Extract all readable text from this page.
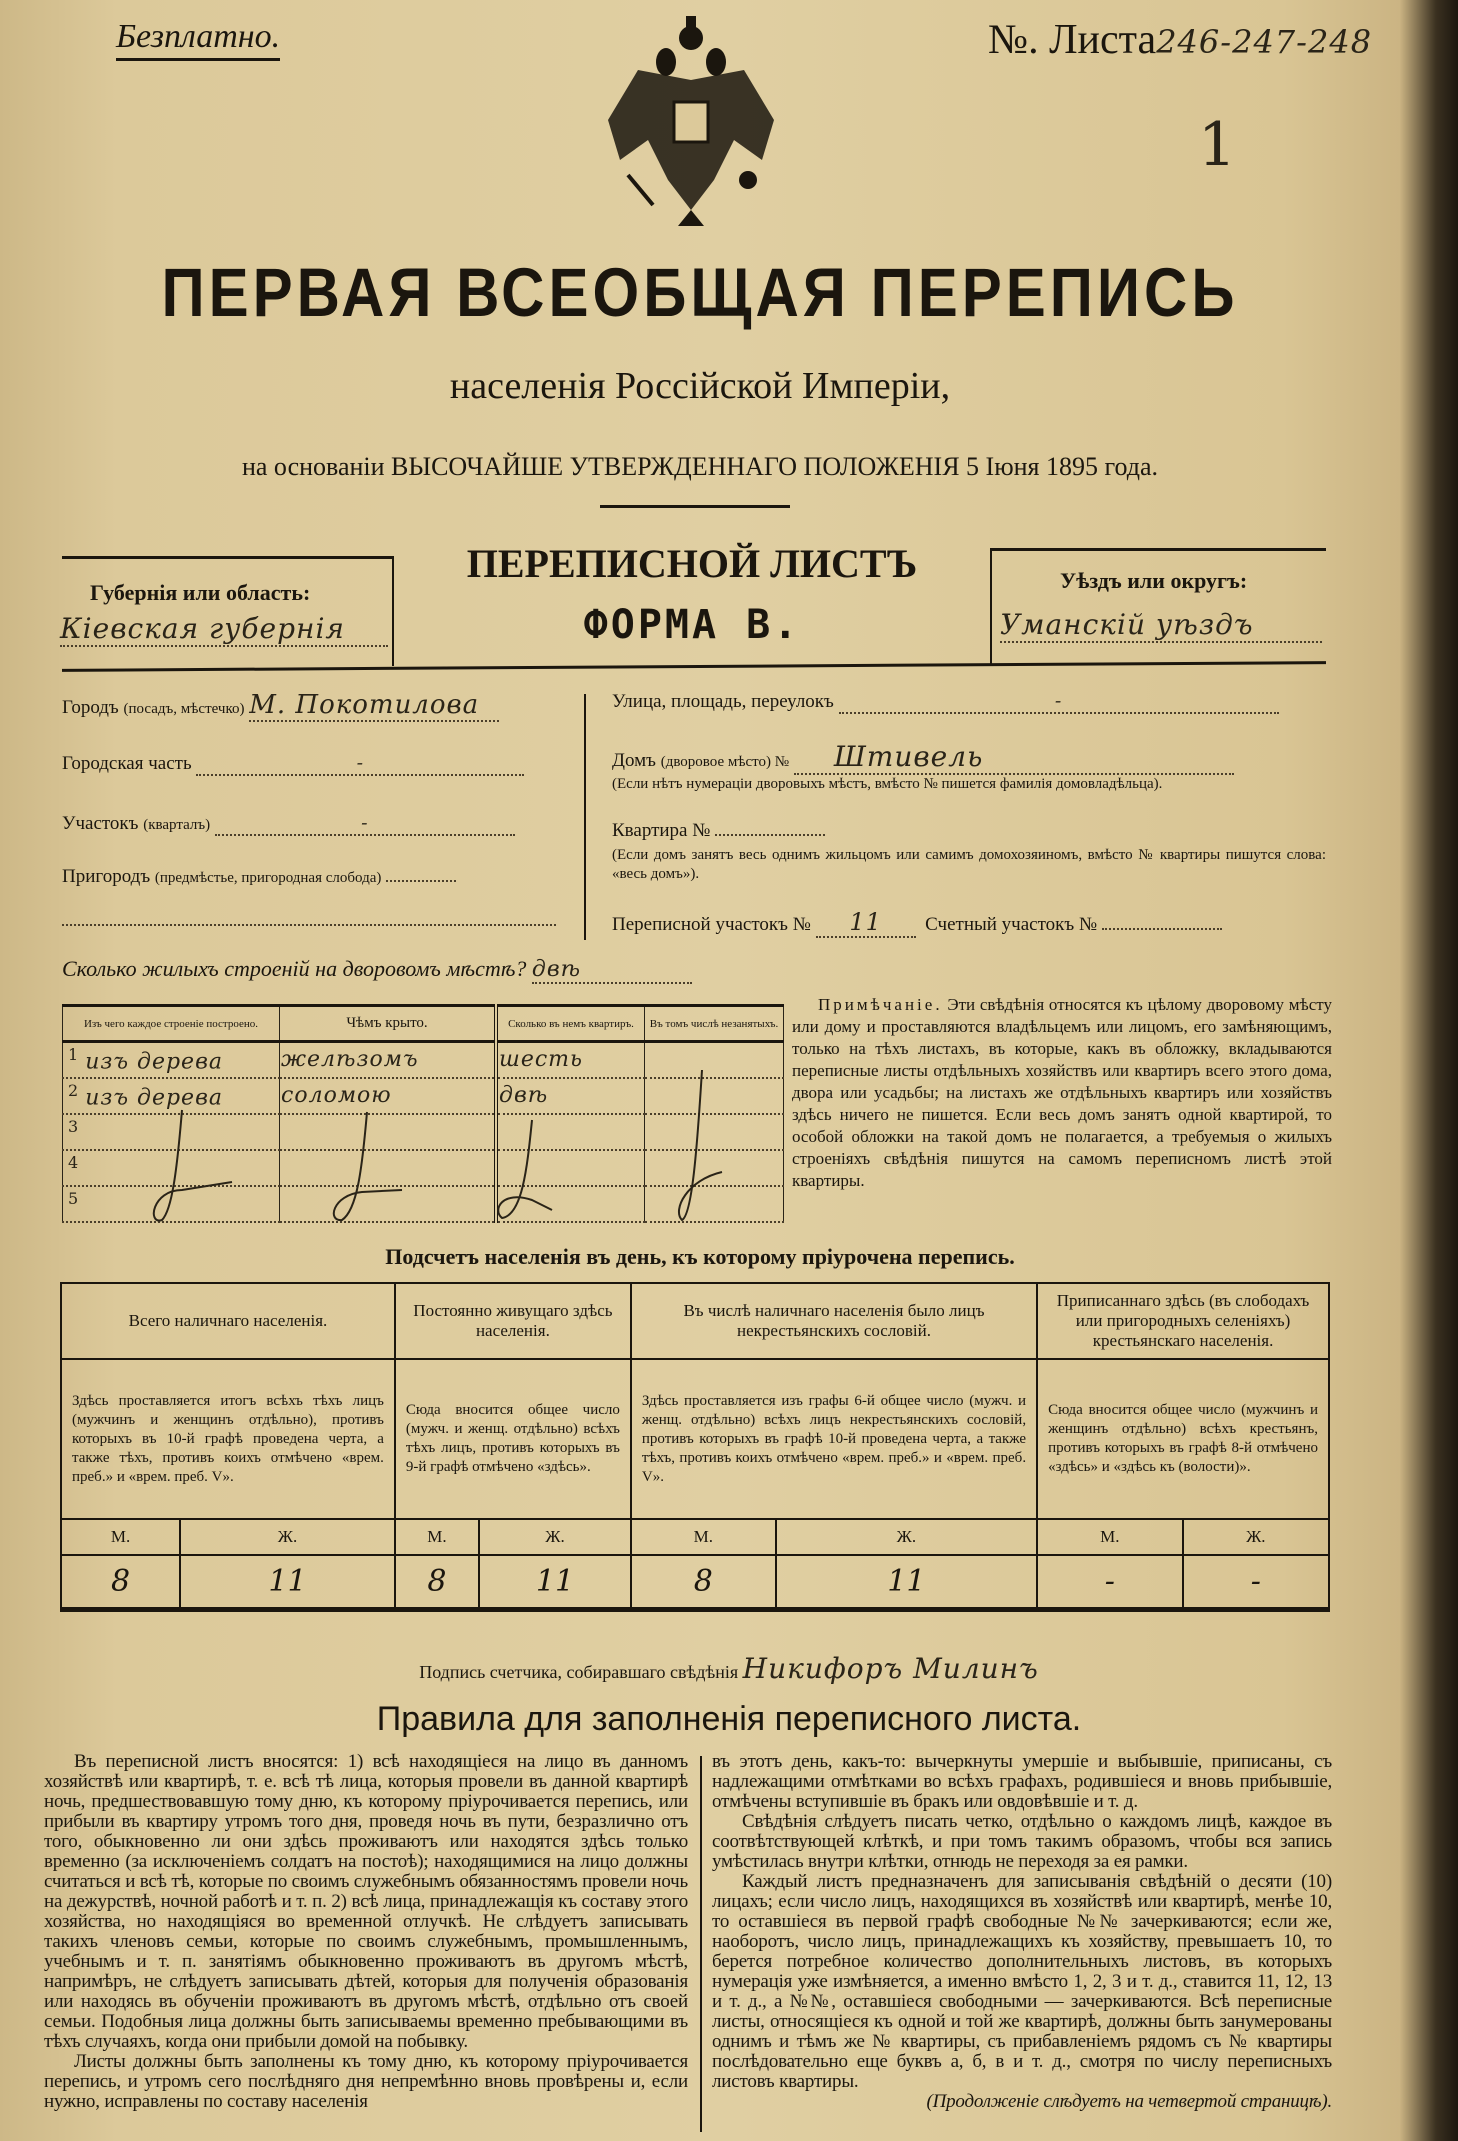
Безплатно.	№. Листа246-247-248
1
ПЕРВАЯ ВСЕОБЩАЯ ПЕРЕПИСЬ
населенія Россійской Имперіи,
на основаніи ВЫСОЧАЙШЕ УТВЕРЖДЕННАГО ПОЛОЖЕНІЯ 5 Іюня 1895 года.
Губернія или область:
Кіевская губернія
ПЕРЕПИСНОЙ ЛИСТЪ
ФОРМА В.
Уѣздъ или округъ:
Уманскій уѣздъ
Городъ (посадъ, мѣстечко) М. Покотилова
Городская часть	-
Участокъ (кварталъ)	-
Пригородъ (предмѣстье, пригородная слобода)
Улица, площадь, переулокъ	-
Домъ (дворовое мѣсто) № Штивель
(Если нѣтъ нумераціи дворовыхъ мѣстъ, вмѣсто № пишется фамилія домовладѣльца).
Квартира №
(Если домъ занятъ весь однимъ жильцомъ или самимъ домохозяиномъ, вмѣсто № квартиры пишутся слова: «весь домъ»).
Переписной участокъ № 11 Счетный участокъ №
Сколько жилыхъ строеній на дворовомъ мѣстѣ? двѣ
Изъ чего каждое строеніе построено.	Чѣмъ крыто.	Сколько въ немъ квартиръ.	Въ томъ числѣ незанятыхъ.
$^1$ изъ дерева	желѣзомъ	шесть	
$^2$ изъ дерева	соломою	двѣ	
$^3$			
$^4$			
$^5$			
Примѣчаніе. Эти свѣдѣнія относятся къ цѣлому дворовому мѣсту или дому и проставляются владѣльцемъ или лицомъ, его замѣняющимъ, только на тѣхъ листахъ, въ которые, какъ въ обложку, вкладываются переписные листы отдѣльныхъ хозяйствъ или квартиръ всего этого дома, двора или усадьбы; на листахъ же отдѣльныхъ квартиръ или хозяйствъ здѣсь ничего не пишется. Если весь домъ занятъ одной квартирой, то особой обложки на такой домъ не полагается, а требуемыя о жилыхъ строеніяхъ свѣдѣнія пишутся на самомъ переписномъ листѣ этой квартиры.
Подсчетъ населенія въ день, къ которому пріурочена перепись.
Всего наличнаго населенія.		Постоянно живущаго здѣсь населенія.		Въ числѣ наличнаго населенія было лицъ некрестьянскихъ сословій.		Приписаннаго здѣсь (въ слободахъ или пригородныхъ селеніяхъ) крестьянскаго населенія.	
Здѣсь проставляется итогъ всѣхъ тѣхъ лицъ (мужчинъ и женщинъ отдѣльно), противъ которыхъ въ 10-й графѣ проведена черта, а также тѣхъ, противъ коихъ отмѣчено «врем. преб.» и «врем. преб. V».		Сюда вносится общее число (мужч. и женщ. отдѣльно) всѣхъ тѣхъ лицъ, противъ которыхъ въ 9-й графѣ отмѣчено «здѣсь».		Здѣсь проставляется изъ графы 6-й общее число (мужч. и женщ. отдѣльно) всѣхъ лицъ некрестьянскихъ сословій, противъ которыхъ въ графѣ 10-й проведена черта, а также тѣхъ, противъ коихъ отмѣчено «врем. преб.» и «врем. преб. V».		Сюда вносится общее число (мужчинъ и женщинъ отдѣльно) всѣхъ крестьянъ, противъ которыхъ въ графѣ 8-й отмѣчено «здѣсь» и «здѣсь къ (волости)».	
М.	Ж.	М.	Ж.	М.	Ж.	М.	Ж.
8	11	8	11	8	11	-	-
Подпись счетчика, собиравшаго свѣдѣнія Никифоръ Милинъ
Правила для заполненія переписного листа.

Въ переписной листъ вносятся: 1) всѣ находящіеся на лицо въ данномъ хозяйствѣ или квартирѣ, т. е. всѣ тѣ лица, которыя провели въ данной квартирѣ ночь, предшествовавшую тому дню, къ которому пріурочивается перепись, или прибыли въ квартиру утромъ того дня, проведя ночь въ пути, безразлично отъ того, обыкновенно ли они здѣсь проживаютъ или находятся здѣсь только временно (за исключеніемъ солдатъ на постоѣ); находящимися на лицо должны считаться и всѣ тѣ, которые по своимъ служебнымъ обязанностямъ провели ночь на дежурствѣ, ночной работѣ и т. п. 2) всѣ лица, принадлежащія къ составу этого хозяйства, но находящіяся во временной отлучкѣ. Не слѣдуетъ записывать такихъ членовъ семьи, которые по своимъ служебнымъ, промышленнымъ, учебнымъ и т. п. занятіямъ обыкновенно проживаютъ въ другомъ мѣстѣ, напримѣръ, не слѣдуетъ записывать дѣтей, которыя для полученія образованія или находясь въ обученіи проживаютъ въ другомъ мѣстѣ, отдѣльно отъ своей семьи. Подобныя лица должны быть записываемы временно пребывающими въ тѣхъ случаяхъ, когда они прибыли домой на побывку.

Листы должны быть заполнены къ тому дню, къ которому пріурочивается перепись, и утромъ сего послѣдняго дня непремѣнно вновь провѣрены и, если нужно, исправлены по составу населенія

въ этотъ день, какъ-то: вычеркнуты умершіе и выбывшіе, приписаны, съ надлежащими отмѣтками во всѣхъ графахъ, родившіеся и вновь прибывшіе, отмѣчены вступившіе въ бракъ или овдовѣвшіе и т. д.

Свѣдѣнія слѣдуетъ писать четко, отдѣльно о каждомъ лицѣ, каждое въ соотвѣтствующей клѣткѣ, и при томъ такимъ образомъ, чтобы вся запись умѣстилась внутри клѣтки, отнюдь не переходя за ея рамки.

Каждый листъ предназначенъ для записыванія свѣдѣній о десяти (10) лицахъ; если число лицъ, находящихся въ хозяйствѣ или квартирѣ, менѣе 10, то оставшіеся въ первой графѣ свободные №№ зачеркиваются; если же, наоборотъ, число лицъ, принадлежащихъ къ хозяйству, превышаетъ 10, то берется потребное количество дополнительныхъ листовъ, въ которыхъ нумерація уже измѣняется, а именно вмѣсто 1, 2, 3 и т. д., ставится 11, 12, 13 и т. д., а №№, оставшіеся свободными — зачеркиваются. Всѣ переписные листы, относящіеся къ одной и той же квартирѣ, должны быть занумерованы однимъ и тѣмъ же № квартиры, съ прибавленіемъ рядомъ съ № квартиры послѣдовательно еще буквъ а, б, в и т. д., смотря по числу переписныхъ листовъ квартиры.

(Продолженіе слѣдуетъ на четвертой страницѣ).
